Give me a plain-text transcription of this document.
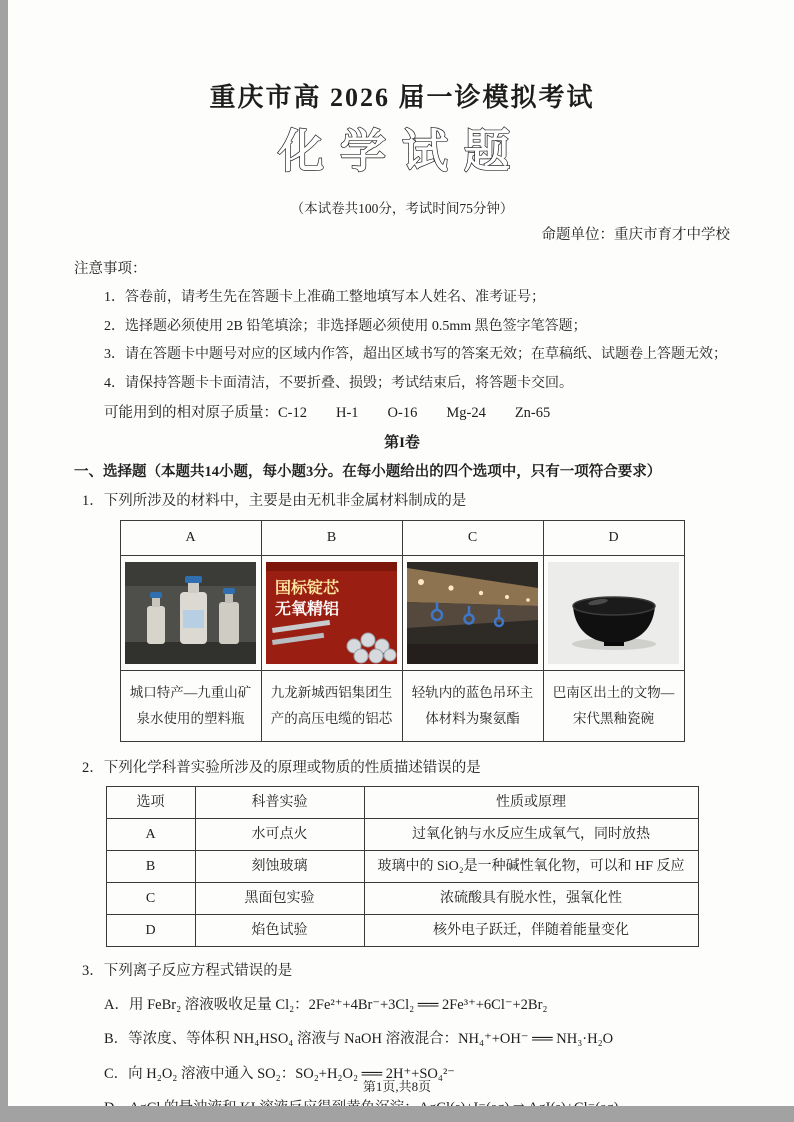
重庆市高 2026 届一诊模拟考试
化学试题
（本试卷共100分，考试时间75分钟）
命题单位：重庆市育才中学校
注意事项：
1．答卷前，请考生先在答题卡上准确工整地填写本人姓名、准考证号；
2．选择题必须使用 2B 铅笔填涂；非选择题必须使用 0.5mm 黑色签字笔答题；
3．请在答题卡中题号对应的区域内作答，超出区域书写的答案无效；在草稿纸、试题卷上答题无效；
4．请保持答题卡卡面清洁，不要折叠、损毁；考试结束后，将答题卡交回。
可能用到的相对原子质量：C-12　　H-1　　O-16　　Mg-24　　Zn-65
第I卷
一、选择题（本题共14小题，每小题3分。在每小题给出的四个选项中，只有一项符合要求）
1．下列所涉及的材料中，主要是由无机非金属材料制成的是
A	B	C	D

国标锭芯
无氧精铝

城口特产—九重山矿泉水使用的塑料瓶	九龙新城西铝集团生产的高压电缆的铝芯	轻轨内的蓝色吊环主体材料为聚氨酯	巴南区出土的文物—宋代黑釉瓷碗
2．下列化学科普实验所涉及的原理或物质的性质描述错误的是
选项	科普实验	性质或原理
A	水可点火	过氧化钠与水反应生成氧气，同时放热
B	刻蚀玻璃	玻璃中的 SiO₂是一种碱性氧化物，可以和 HF 反应
C	黑面包实验	浓硫酸具有脱水性，强氧化性
D	焰色试验	核外电子跃迁，伴随着能量变化
3．下列离子反应方程式错误的是
A．用 FeBr₂ 溶液吸收足量 Cl₂：2Fe²⁺+4Br⁻+3Cl₂ ══ 2Fe³⁺+6Cl⁻+2Br₂
B．等浓度、等体积 NH₄HSO₄ 溶液与 NaOH 溶液混合：NH₄⁺+OH⁻ ══ NH₃·H₂O
C．向 H₂O₂ 溶液中通入 SO₂：SO₂+H₂O₂ ══ 2H⁺+SO₄²⁻
第1页,共8页
